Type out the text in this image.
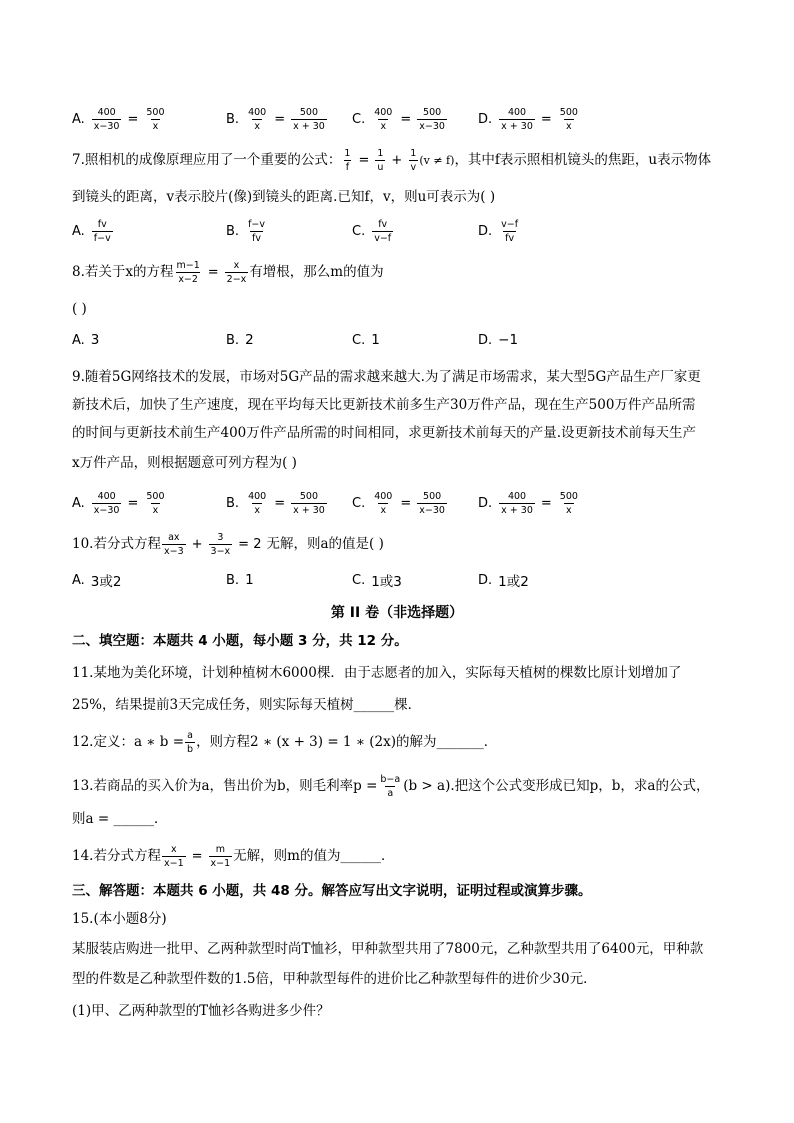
A. $\frac{400}{x-30} = \frac{500}{x}$	B. $\frac{400}{x} = \frac{500}{x + 30} C$. $\frac{400}{x} = \frac{500}{x-30} D$. $\frac{400}{x + 30} = \frac{500}{x}$
7.照相机的成像原理应用了一个重要的公式： $\frac{1}{f} = \frac{1}{u} + \frac{1}{v} (v \ne f)$，其中f表示照相机镜头的焦距，u表示物体
到镜头的距离，v表示胶片(像)到镜头的距离.已知f，v，则u可表示为( )
A. $\frac{fv}{f-v}$	B. $\frac{f-v}{fv}$	C. $\frac{fv}{v-f}$	D. $\frac{v-f}{fv}$
8.若关于x的方程 $\frac{m-1}{x-2} = \frac{x}{2-x}$ 有增根，那么m的值为
( )
A. 3	B. 2	C. 1	D. −1
9.随着5G网络技术的发展，市场对5G产品的需求越来越大.为了满足市场需求，某大型5G产品生产厂家更
新技术后，加快了生产速度，现在平均每天比更新技术前多生产30万件产品，现在生产500万件产品所需
的时间与更新技术前生产400万件产品所需的时间相同，求更新技术前每天的产量.设更新技术前每天生产
x万件产品，则根据题意可列方程为( )
A. $\frac{400}{x-30} = \frac{500}{x}$	B. $\frac{400}{x} = \frac{500}{x + 30} C$. $\frac{400}{x} = \frac{500}{x-30} D$. $\frac{400}{x + 30} = \frac{500}{x}$
10.若分式方程 $\frac{ax}{x-3} + \frac{3}{3-x} = 2$ 无解，则a的值是( )
A. 3或2	B. 1	C. 1或3	D. 1或2
第 II 卷（非选择题）
二、填空题：本题共 4 小题，每小题 3 分，共 12 分。
11.某地为美化环境，计划种植树木6000棵．由于志愿者的加入，实际每天植树的棵数比原计划增加了
25%，结果提前3天完成任务，则实际每天植树______棵．
12.定义：a ∗ $b = \frac{a}{b}$ ，则方程2 ∗ (x + 3) = 1 ∗ (2x)的解为_______．
13.若商品的买入价为a，售出价为b，则毛利率$p = \frac{b-a}{a} (b > a)$.把这个公式变形成已知p，b，求a的公式，
则a = ______．
14.若分式方程 $\frac{x}{x-1} = \frac{m}{x-1}$ 无解，则m的值为______．
三、解答题：本题共 6 小题，共 48 分。解答应写出文字说明，证明过程或演算步骤。
15.(本小题8分)
某服装店购进一批甲、乙两种款型时尚T恤衫，甲种款型共用了7800元，乙种款型共用了6400元，甲种款
型的件数是乙种款型件数的1.5倍，甲种款型每件的进价比乙种款型每件的进价少30元．
(1)甲、乙两种款型的T恤衫各购进多少件？
